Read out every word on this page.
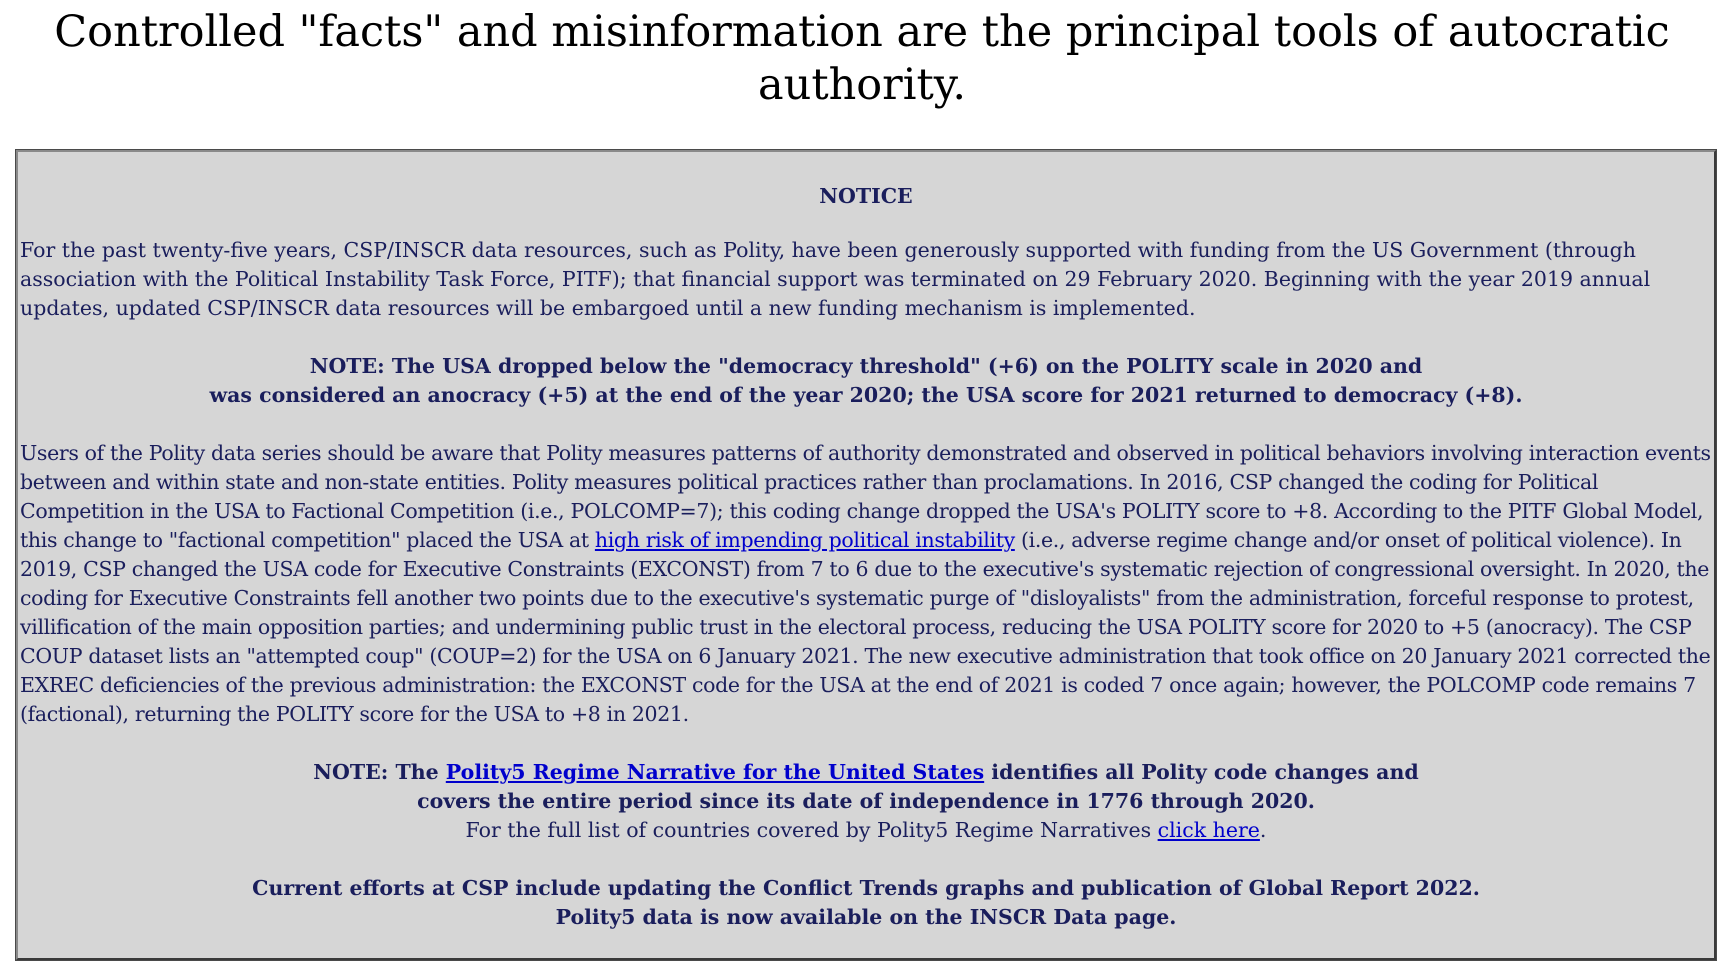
Controlled "facts" and misinformation are the principal tools of autocratic
authority.
NOTICE

For the past twenty-five years, CSP/INSCR data resources, such as Polity, have been generously supported with funding from the US Government (through association with the Political Instability Task Force, PITF); that financial support was terminated on 29 February 2020. Beginning with the year 2019 annual updates, updated CSP/INSCR data resources will be embargoed until a new funding mechanism is implemented.

NOTE: The USA dropped below the "democracy threshold" (+6) on the POLITY scale in 2020 and
was considered an anocracy (+5) at the end of the year 2020; the USA score for 2021 returned to democracy (+8).

Users of the Polity data series should be aware that Polity measures patterns of authority demonstrated and observed in political behaviors involving interaction events between and within state and non-state entities. Polity measures political practices rather than proclamations. In 2016, CSP changed the coding for Political Competition in the USA to Factional Competition (i.e., POLCOMP=7); this coding change dropped the USA's POLITY score to +8. According to the PITF Global Model, this change to "factional competition" placed the USA at high risk of impending political instability (i.e., adverse regime change and/or onset of political violence). In 2019, CSP changed the USA code for Executive Constraints (EXCONST) from 7 to 6 due to the executive's systematic rejection of congressional oversight. In 2020, the coding for Executive Constraints fell another two points due to the executive's systematic purge of "disloyalists" from the administration, forceful response to protest, villification of the main opposition parties; and undermining public trust in the electoral process, reducing the USA POLITY score for 2020 to +5 (anocracy). The CSP COUP dataset lists an "attempted coup" (COUP=2) for the USA on 6 January 2021. The new executive administration that took office on 20 January 2021 corrected the EXREC deficiencies of the previous administration: the EXCONST code for the USA at the end of 2021 is coded 7 once again; however, the POLCOMP code remains 7 (factional), returning the POLITY score for the USA to +8 in 2021.

NOTE: The Polity5 Regime Narrative for the United States identifies all Polity code changes and
covers the entire period since its date of independence in 1776 through 2020.
For the full list of countries covered by Polity5 Regime Narratives click here.

Current efforts at CSP include updating the Conflict Trends graphs and publication of Global Report 2022.
Polity5 data is now available on the INSCR Data page.
